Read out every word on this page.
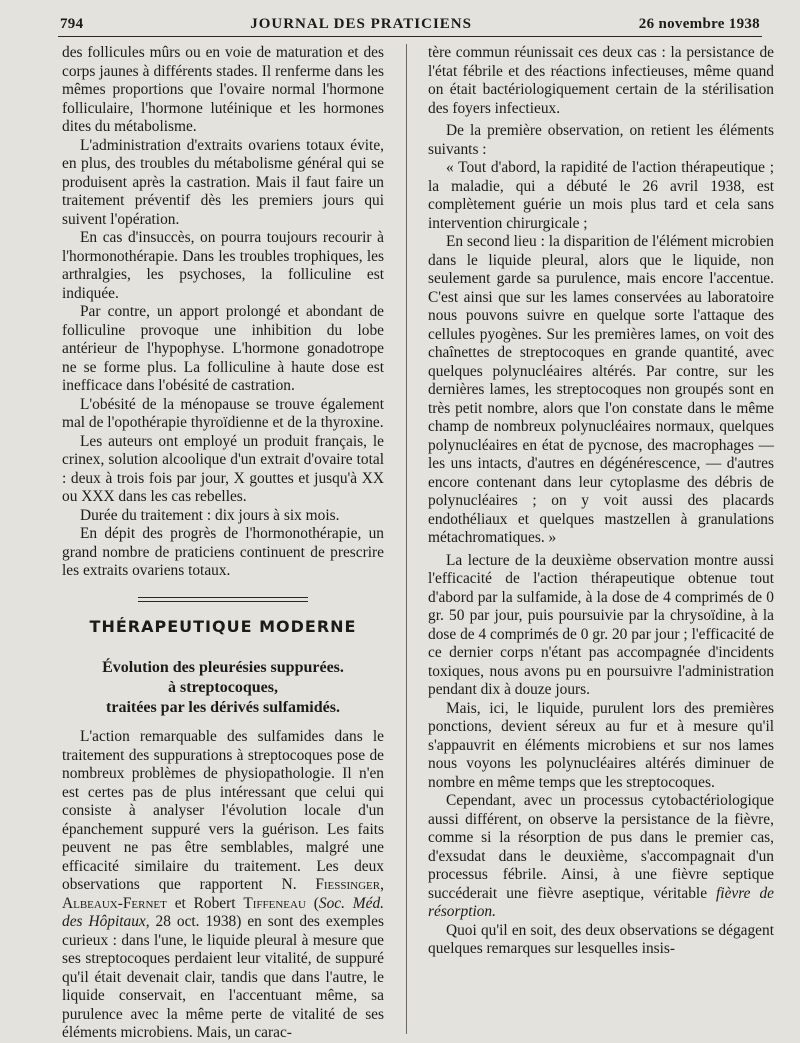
794	JOURNAL DES PRATICIENS	26 novembre 1938

des follicules mûrs ou en voie de maturation et des corps jaunes à différents stades. Il renferme dans les mêmes proportions que l'ovaire normal l'hormone folliculaire, l'hormone lutéinique et les hormones dites du métabolisme.

L'administration d'extraits ovariens totaux évite, en plus, des troubles du métabolisme général qui se produisent après la castration. Mais il faut faire un traitement préventif dès les premiers jours qui suivent l'opération.

En cas d'insuccès, on pourra toujours recourir à l'hormonothérapie. Dans les troubles trophiques, les arthralgies, les psychoses, la folliculine est indiquée.

Par contre, un apport prolongé et abondant de folliculine provoque une inhibition du lobe antérieur de l'hypophyse. L'hormone gonadotrope ne se forme plus. La folliculine à haute dose est inefficace dans l'obésité de castration.

L'obésité de la ménopause se trouve également mal de l'opothérapie thyroïdienne et de la thyroxine.

Les auteurs ont employé un produit français, le crinex, solution alcoolique d'un extrait d'ovaire total : deux à trois fois par jour, X gouttes et jusqu'à XX ou XXX dans les cas rebelles.

Durée du traitement : dix jours à six mois.

En dépit des progrès de l'hormonothérapie, un grand nombre de praticiens continuent de prescrire les extraits ovariens totaux.

THÉRAPEUTIQUE MODERNE
Évolution des pleurésies suppurées.
à streptocoques,
traitées par les dérivés sulfamidés.

L'action remarquable des sulfamides dans le traitement des suppurations à streptocoques pose de nombreux problèmes de physiopathologie. Il n'en est certes pas de plus intéressant que celui qui consiste à analyser l'évolution locale d'un épanchement suppuré vers la guérison. Les faits peuvent ne pas être semblables, malgré une efficacité similaire du traitement. Les deux observations que rapportent N. Fiessinger, Albeaux-Fernet et Robert Tiffeneau (Soc. Méd. des Hôpitaux, 28 oct. 1938) en sont des exemples curieux : dans l'une, le liquide pleural à mesure que ses streptocoques perdaient leur vitalité, de suppuré qu'il était devenait clair, tandis que dans l'autre, le liquide conservait, en l'accentuant même, sa purulence avec la même perte de vitalité de ses éléments microbiens. Mais, un carac-

tère commun réunissait ces deux cas : la persistance de l'état fébrile et des réactions infectieuses, même quand on était bactériologiquement certain de la stérilisation des foyers infectieux.

De la première observation, on retient les éléments suivants :

« Tout d'abord, la rapidité de l'action thérapeutique ; la maladie, qui a débuté le 26 avril 1938, est complètement guérie un mois plus tard et cela sans intervention chirurgicale ;

En second lieu : la disparition de l'élément microbien dans le liquide pleural, alors que le liquide, non seulement garde sa purulence, mais encore l'accentue. C'est ainsi que sur les lames conservées au laboratoire nous pouvons suivre en quelque sorte l'attaque des cellules pyogènes. Sur les premières lames, on voit des chaînettes de streptocoques en grande quantité, avec quelques polynucléaires altérés. Par contre, sur les dernières lames, les streptocoques non groupés sont en très petit nombre, alors que l'on constate dans le même champ de nombreux polynucléaires normaux, quelques polynucléaires en état de pycnose, des macrophages — les uns intacts, d'autres en dégénérescence, — d'autres encore contenant dans leur cytoplasme des débris de polynucléaires ; on y voit aussi des placards endothéliaux et quelques mastzellen à granulations métachromatiques. »

La lecture de la deuxième observation montre aussi l'efficacité de l'action thérapeutique obtenue tout d'abord par la sulfamide, à la dose de 4 comprimés de 0 gr. 50 par jour, puis poursuivie par la chrysoïdine, à la dose de 4 comprimés de 0 gr. 20 par jour ; l'efficacité de ce dernier corps n'étant pas accompagnée d'incidents toxiques, nous avons pu en poursuivre l'administration pendant dix à douze jours.

Mais, ici, le liquide, purulent lors des premières ponctions, devient séreux au fur et à mesure qu'il s'appauvrit en éléments microbiens et sur nos lames nous voyons les polynucléaires altérés diminuer de nombre en même temps que les streptocoques.

Cependant, avec un processus cytobactériologique aussi différent, on observe la persistance de la fièvre, comme si la résorption de pus dans le premier cas, d'exsudat dans le deuxième, s'accompagnait d'un processus fébrile. Ainsi, à une fièvre septique succéderait une fièvre aseptique, véritable fièvre de résorption.

Quoi qu'il en soit, des deux observations se dégagent quelques remarques sur lesquelles insis-
